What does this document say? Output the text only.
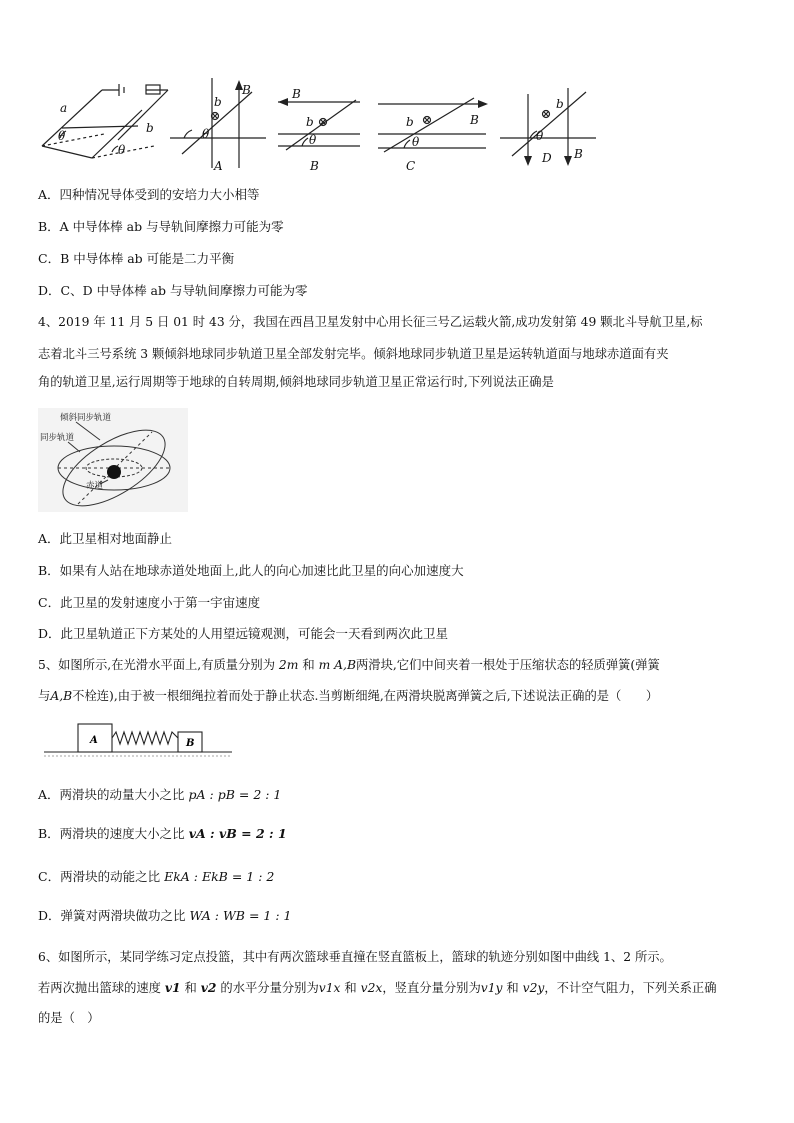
a
b
θ
θ
b
B
θ
A
B
b
θ
B
b	B
θ
C
b
θ
D B
A．四种情况导体受到的安培力大小相等
B．A 中导体棒 ab 与导轨间摩擦力可能为零
C．B 中导体棒 ab 可能是二力平衡
D．C、D 中导体棒 ab 与导轨间摩擦力可能为零
4、2019 年 11 月 5 日 01 时 43 分，我国在西昌卫星发射中心用长征三号乙运载火箭,成功发射第 49 颗北斗导航卫星,标
志着北斗三号系统 3 颗倾斜地球同步轨道卫星全部发射完毕。倾斜地球同步轨道卫星是运转轨道面与地球赤道面有夹
角的轨道卫星,运行周期等于地球的自转周期,倾斜地球同步轨道卫星正常运行时,下列说法正确是
倾斜同步轨道
同步轨道
赤道
A．此卫星相对地面静止
B．如果有人站在地球赤道处地面上,此人的向心加速比此卫星的向心加速度大
C．此卫星的发射速度小于第一宇宙速度
D．此卫星轨道正下方某处的人用望远镜观测，可能会一天看到两次此卫星
5、如图所示,在光滑水平面上,有质量分别为 2m 和 m A,B两滑块,它们中间夹着一根处于压缩状态的轻质弹簧(弹簧
与A,B不栓连),由于被一根细绳拉着而处于静止状态.当剪断细绳,在两滑块脱离弹簧之后,下述说法正确的是（　　）
A	B
A．两滑块的动量大小之比 pA : pB = 2 : 1
B．两滑块的速度大小之比 vA : vB = 2 : 1
C．两滑块的动能之比 EkA : EkB = 1 : 2
D．弹簧对两滑块做功之比 WA : WB = 1 : 1
6、如图所示，某同学练习定点投篮，其中有两次篮球垂直撞在竖直篮板上，篮球的轨迹分别如图中曲线 1、2 所示。
若两次抛出篮球的速度 v1 和 v2 的水平分量分别为v1x 和 v2x，竖直分量分别为v1y 和 v2y，不计空气阻力，下列关系正确
的是（　）
